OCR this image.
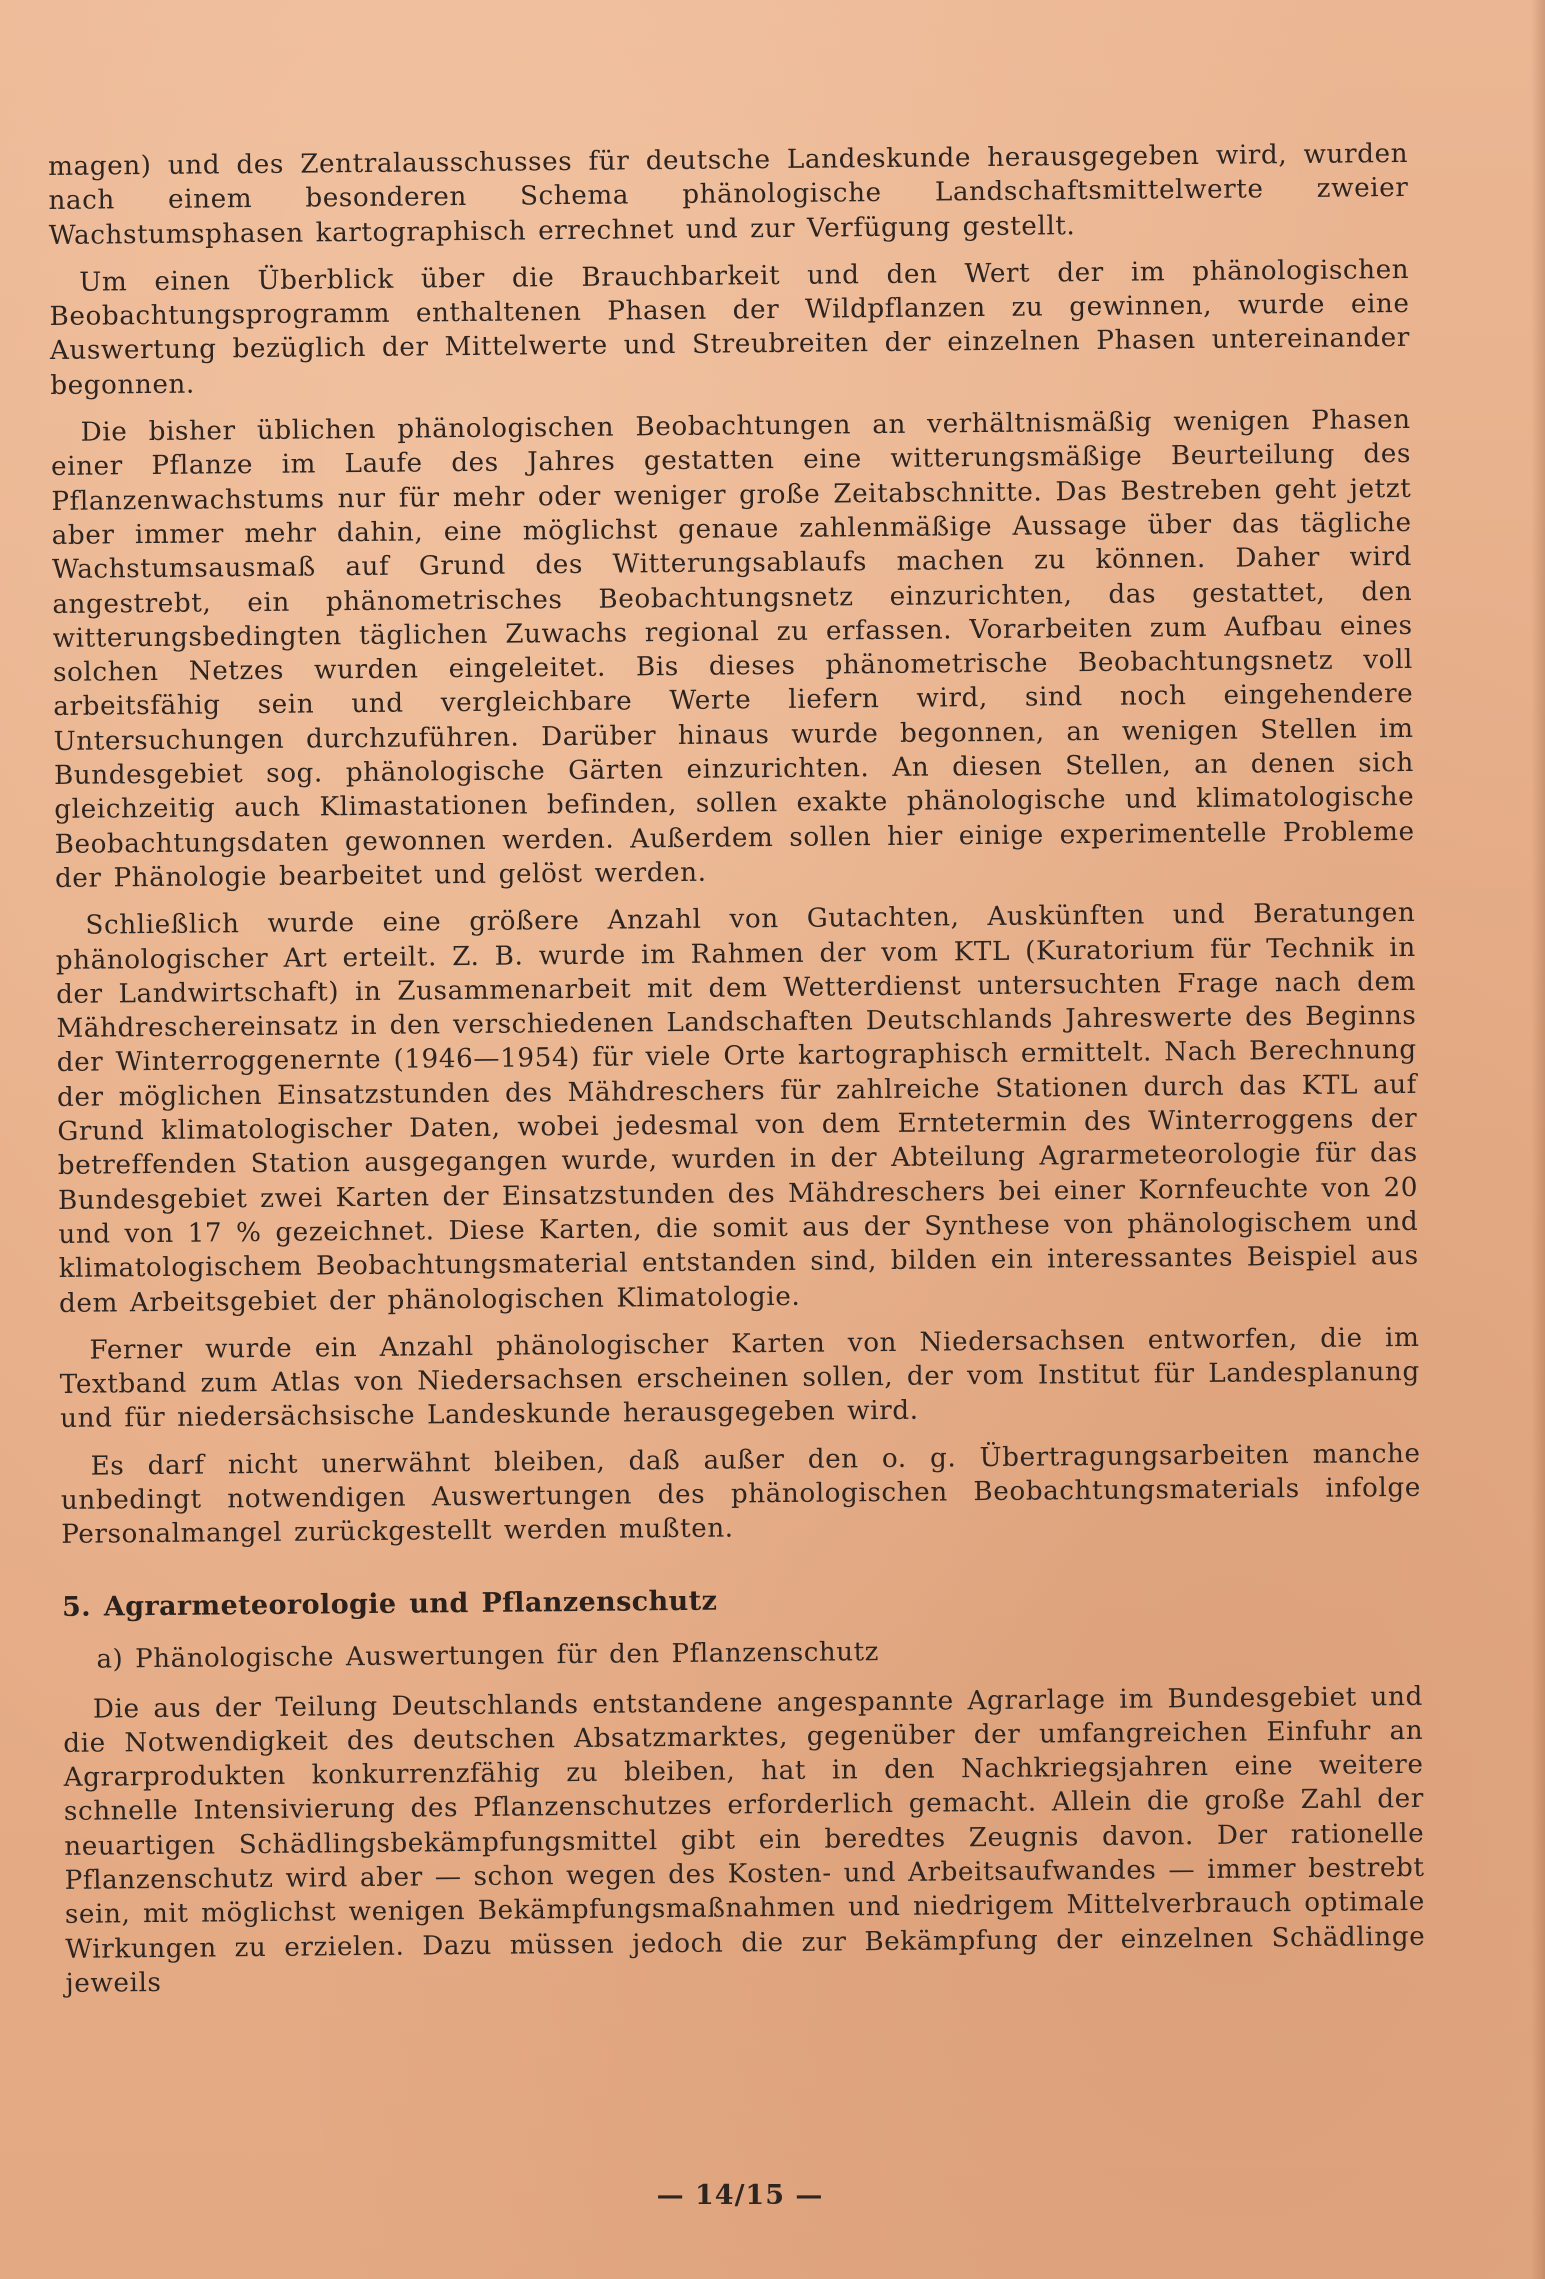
magen) und des Zentralausschusses für deutsche Landeskunde herausgegeben wird, wurden nach einem besonderen Schema phänologische Landschaftsmittelwerte zweier Wachstumsphasen kartographisch errechnet und zur Verfügung gestellt.

Um einen Überblick über die Brauchbarkeit und den Wert der im phänologischen Beobachtungsprogramm enthaltenen Phasen der Wildpflanzen zu gewinnen, wurde eine Auswertung bezüglich der Mittelwerte und Streubreiten der einzelnen Phasen untereinander begonnen.

Die bisher üblichen phänologischen Beobachtungen an verhältnismäßig wenigen Phasen einer Pflanze im Laufe des Jahres gestatten eine witterungsmäßige Beurteilung des Pflanzenwachstums nur für mehr oder weniger große Zeitabschnitte. Das Bestreben geht jetzt aber immer mehr dahin, eine möglichst genaue zahlenmäßige Aussage über das tägliche Wachstumsausmaß auf Grund des Witterungsablaufs machen zu können. Daher wird angestrebt, ein phänometrisches Beobachtungsnetz einzurichten, das gestattet, den witterungsbedingten täglichen Zuwachs regional zu erfassen. Vorarbeiten zum Aufbau eines solchen Netzes wurden eingeleitet. Bis dieses phänometrische Beobachtungsnetz voll arbeitsfähig sein und vergleichbare Werte liefern wird, sind noch eingehendere Untersuchungen durchzuführen. Darüber hinaus wurde begonnen, an wenigen Stellen im Bundesgebiet sog. phänologische Gärten einzurichten. An diesen Stellen, an denen sich gleichzeitig auch Klimastationen befinden, sollen exakte phänologische und klimatologische Beobachtungsdaten gewonnen werden. Außerdem sollen hier einige experimentelle Probleme der Phänologie bearbeitet und gelöst werden.

Schließlich wurde eine größere Anzahl von Gutachten, Auskünften und Beratungen phänologischer Art erteilt. Z. B. wurde im Rahmen der vom KTL (Kuratorium für Technik in der Landwirtschaft) in Zusammenarbeit mit dem Wetterdienst untersuchten Frage nach dem Mähdreschereinsatz in den verschiedenen Landschaften Deutschlands Jahreswerte des Beginns der Winterroggenernte (1946—1954) für viele Orte kartographisch ermittelt. Nach Berechnung der möglichen Einsatzstunden des Mähdreschers für zahlreiche Stationen durch das KTL auf Grund klimatologischer Daten, wobei jedesmal von dem Erntetermin des Winterroggens der betreffenden Station ausgegangen wurde, wurden in der Abteilung Agrarmeteorologie für das Bundesgebiet zwei Karten der Einsatzstunden des Mähdreschers bei einer Kornfeuchte von 20 und von 17 % gezeichnet. Diese Karten, die somit aus der Synthese von phänologischem und klimatologischem Beobachtungsmaterial entstanden sind, bilden ein interessantes Beispiel aus dem Arbeitsgebiet der phänologischen Klimatologie.

Ferner wurde ein Anzahl phänologischer Karten von Niedersachsen entworfen, die im Textband zum Atlas von Niedersachsen erscheinen sollen, der vom Institut für Landesplanung und für niedersächsische Landeskunde herausgegeben wird.

Es darf nicht unerwähnt bleiben, daß außer den o. g. Übertragungsarbeiten manche unbedingt notwendigen Auswertungen des phänologischen Beobachtungsmaterials infolge Personalmangel zurückgestellt werden mußten.

5. Agrarmeteorologie und Pflanzenschutz
a) Phänologische Auswertungen für den Pflanzenschutz

Die aus der Teilung Deutschlands entstandene angespannte Agrarlage im Bundesgebiet und die Notwendigkeit des deutschen Absatzmarktes, gegenüber der umfangreichen Einfuhr an Agrarprodukten konkurrenzfähig zu bleiben, hat in den Nachkriegsjahren eine weitere schnelle Intensivierung des Pflanzenschutzes erforderlich gemacht. Allein die große Zahl der neuartigen Schädlingsbekämpfungsmittel gibt ein beredtes Zeugnis davon. Der rationelle Pflanzenschutz wird aber — schon wegen des Kosten- und Arbeitsaufwandes — immer bestrebt sein, mit möglichst wenigen Bekämpfungsmaßnahmen und niedrigem Mittelverbrauch optimale Wirkungen zu erzielen. Dazu müssen jedoch die zur Bekämpfung der einzelnen Schädlinge jeweils

— 14/15 —
